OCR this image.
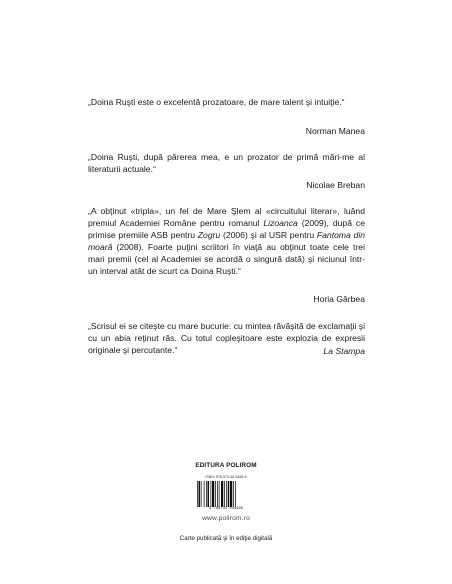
„Doina Ruşti este o excelentă prozatoare, de mare talent şi intuiţie.“

Norman Manea

„Doina Ruşti, după părerea mea, e un prozator de primă mări-me al literaturii actuale.“

Nicolae Breban

„A obţinut «tripla», un fel de Mare Şlem al «circuitului literar», luând premiul Academiei Române pentru romanul Lizoanca (2009), după ce primise premiile ASB pentru Zogru (2006) şi al USR pentru Fantoma din moară (2008). Foarte puţini scriitori în viaţă au obţinut toate cele trei mari premii (cel al Academiei se acordă o singură dată) şi niciunul într-un interval atât de scurt ca Doina Ruşti.“

Horia Gârbea

„Scrisul ei se citeşte cu mare bucurie: cu mintea răvăşită de exclamaţii şi cu un abia reţinut râs. Cu totul copleşitoare este explozia de expresii originale şi percutante.“	La Stampa
EDITURA POLIROM
ISBN: 978-973-46-3469-5
9 789734 634695
www.polirom.ro
Carte publicată şi în ediţie digitală
